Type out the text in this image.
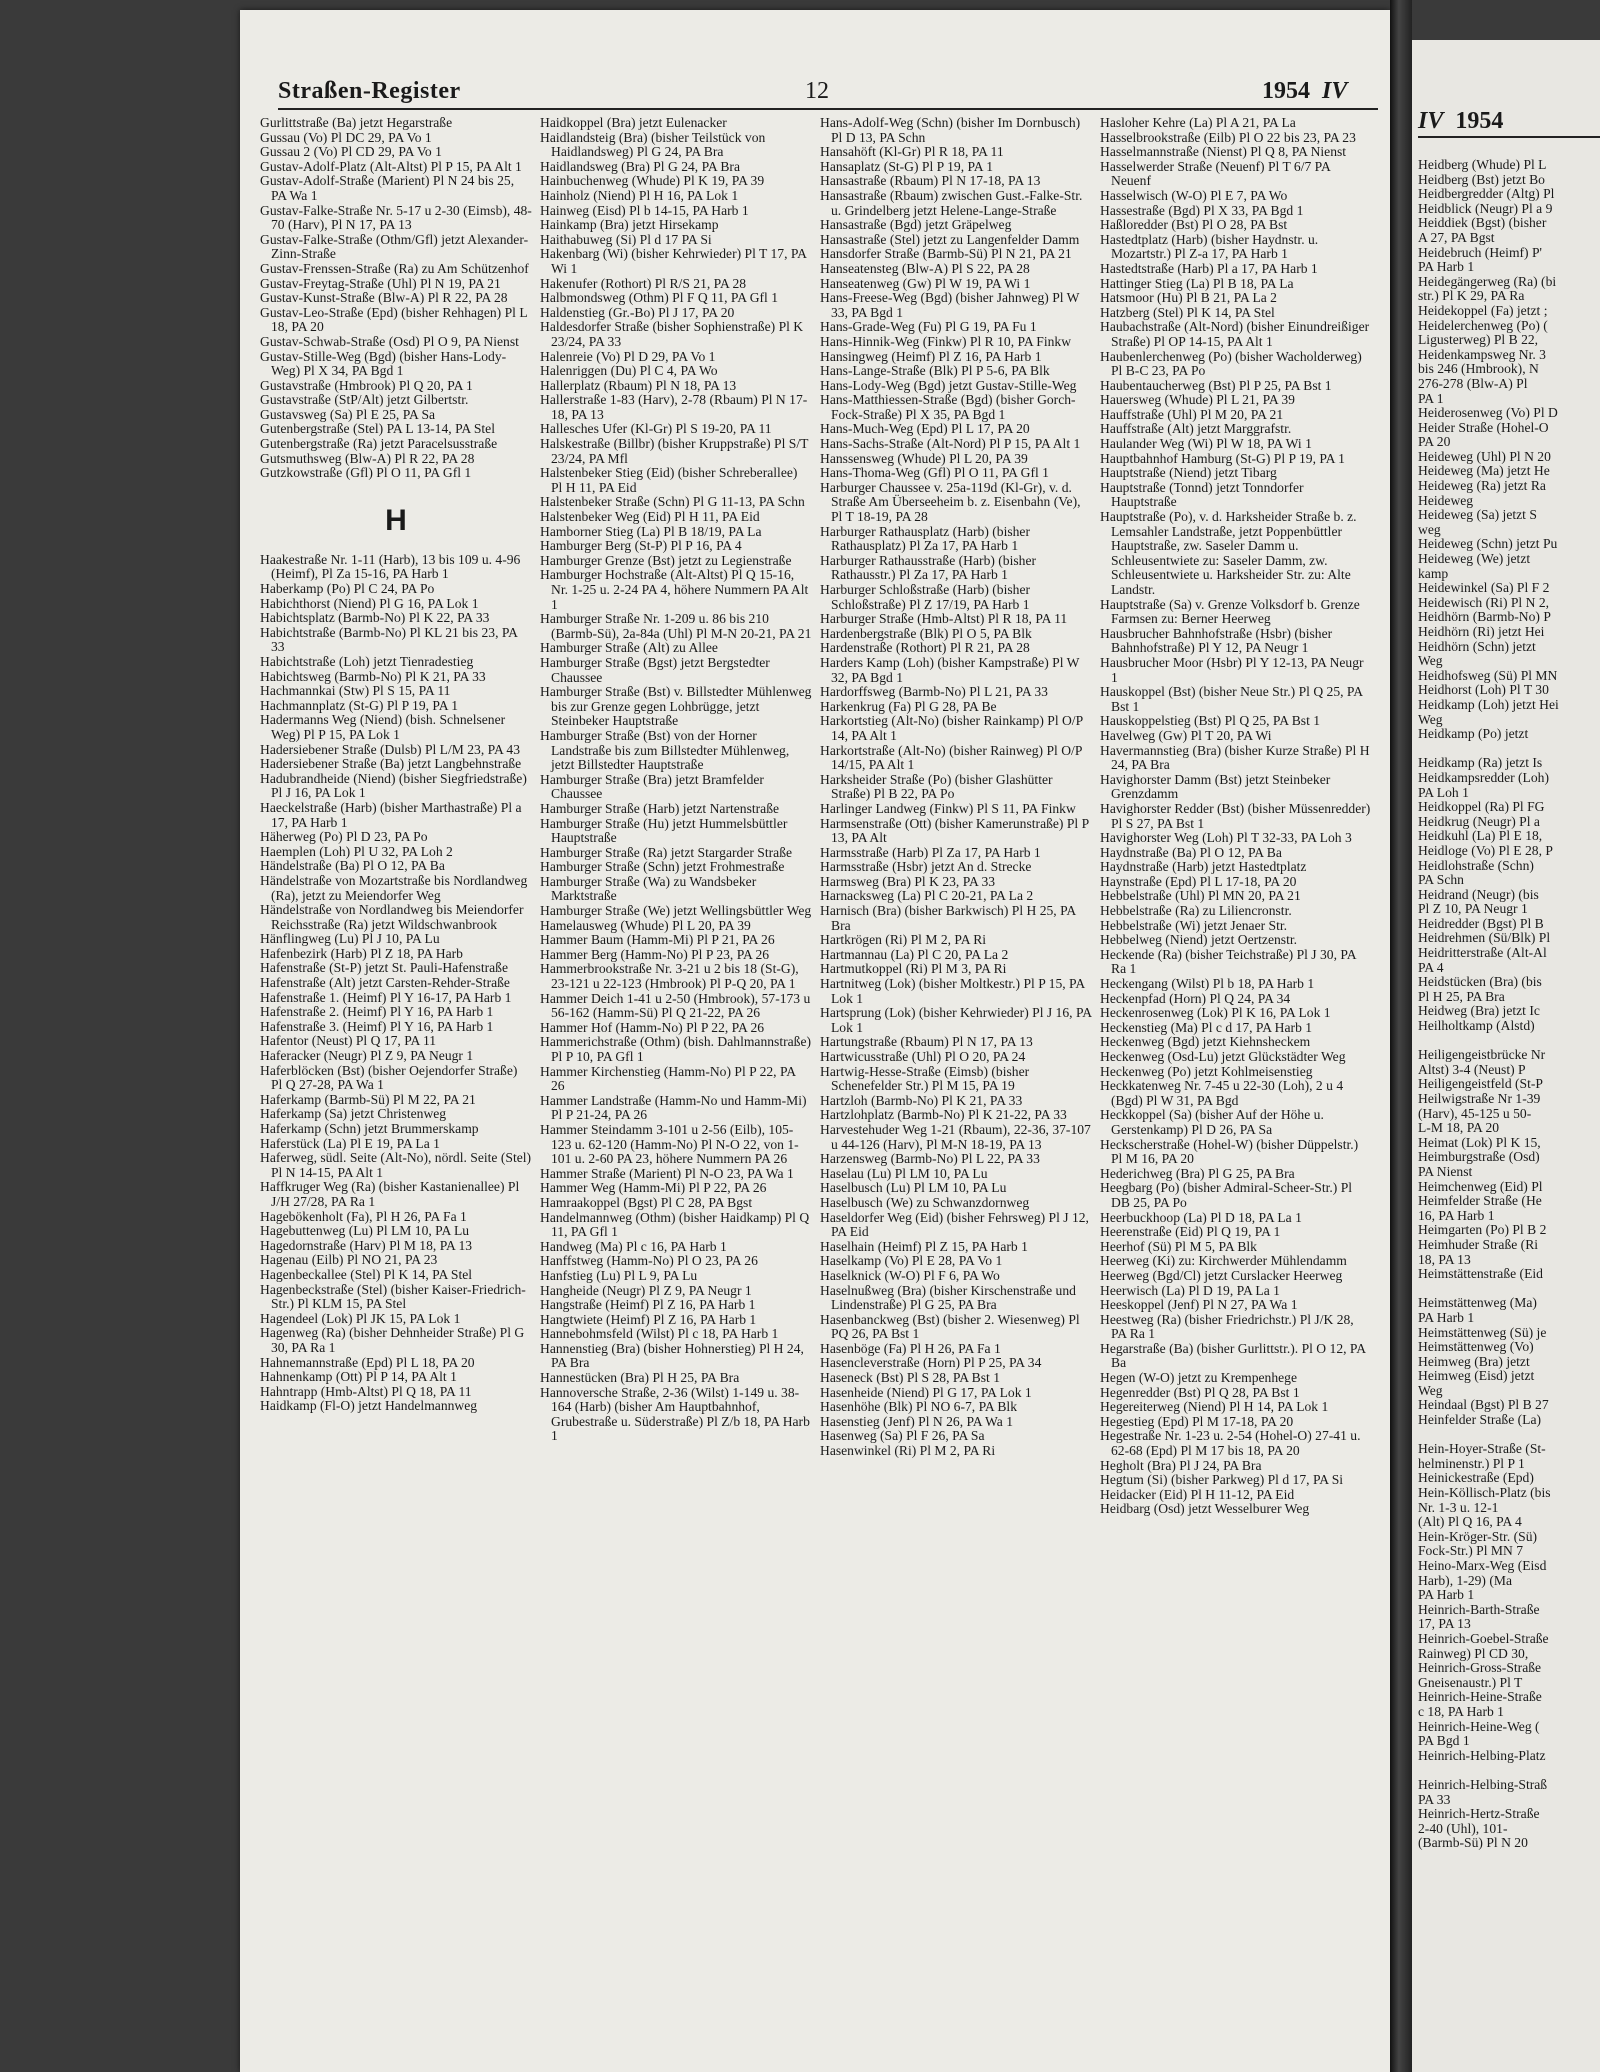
Straßen-Register	12	1954 IV

Gurlittstraße (Ba) jetzt Hegarstraße

Gussau (Vo) Pl DC 29, PA Vo 1

Gussau 2 (Vo) Pl CD 29, PA Vo 1

Gustav-Adolf-Platz (Alt-Altst) Pl P 15, PA Alt 1

Gustav-Adolf-Straße (Marient) Pl N 24 bis 25, PA Wa 1

Gustav-Falke-Straße Nr. 5-17 u 2-30 (Eimsb), 48-70 (Harv), Pl N 17, PA 13

Gustav-Falke-Straße (Othm/Gfl) jetzt Alexander-Zinn-Straße

Gustav-Frenssen-Straße (Ra) zu Am Schützenhof

Gustav-Freytag-Straße (Uhl) Pl N 19, PA 21

Gustav-Kunst-Straße (Blw-A) Pl R 22, PA 28

Gustav-Leo-Straße (Epd) (bisher Rehhagen) Pl L 18, PA 20

Gustav-Schwab-Straße (Osd) Pl O 9, PA Nienst

Gustav-Stille-Weg (Bgd) (bisher Hans-Lody-Weg) Pl X 34, PA Bgd 1

Gustavstraße (Hmbrook) Pl Q 20, PA 1

Gustavstraße (StP/Alt) jetzt Gilbertstr.

Gustavsweg (Sa) Pl E 25, PA Sa

Gutenbergstraße (Stel) PA L 13-14, PA Stel

Gutenbergstraße (Ra) jetzt Paracelsusstraße

Gutsmuthsweg (Blw-A) Pl R 22, PA 28

Gutzkowstraße (Gfl) Pl O 11, PA Gfl 1

H

Haakestraße Nr. 1-11 (Harb), 13 bis 109 u. 4-96 (Heimf), Pl Za 15-16, PA Harb 1

Haberkamp (Po) Pl C 24, PA Po

Habichthorst (Niend) Pl G 16, PA Lok 1

Habichtsplatz (Barmb-No) Pl K 22, PA 33

Habichtstraße (Barmb-No) Pl KL 21 bis 23, PA 33

Habichtstraße (Loh) jetzt Tienradestieg

Habichtsweg (Barmb-No) Pl K 21, PA 33

Hachmannkai (Stw) Pl S 15, PA 11

Hachmannplatz (St-G) Pl P 19, PA 1

Hadermanns Weg (Niend) (bish. Schnelsener Weg) Pl P 15, PA Lok 1

Hadersiebener Straße (Dulsb) Pl L/M 23, PA 43

Hadersiebener Straße (Ba) jetzt Langbehnstraße

Hadubrandheide (Niend) (bisher Siegfriedstraße) Pl J 16, PA Lok 1

Haeckelstraße (Harb) (bisher Marthastraße) Pl a 17, PA Harb 1

Häherweg (Po) Pl D 23, PA Po

Haemplen (Loh) Pl U 32, PA Loh 2

Händelstraße (Ba) Pl O 12, PA Ba

Händelstraße von Mozartstraße bis Nordlandweg (Ra), jetzt zu Meiendorfer Weg

Händelstraße von Nordlandweg bis Meiendorfer Reichsstraße (Ra) jetzt Wildschwanbrook

Hänflingweg (Lu) Pl J 10, PA Lu

Hafenbezirk (Harb) Pl Z 18, PA Harb

Hafenstraße (St-P) jetzt St. Pauli-Hafenstraße

Hafenstraße (Alt) jetzt Carsten-Rehder-Straße

Hafenstraße 1. (Heimf) Pl Y 16-17, PA Harb 1

Hafenstraße 2. (Heimf) Pl Y 16, PA Harb 1

Hafenstraße 3. (Heimf) Pl Y 16, PA Harb 1

Hafentor (Neust) Pl Q 17, PA 11

Haferacker (Neugr) Pl Z 9, PA Neugr 1

Haferblöcken (Bst) (bisher Oejendorfer Straße) Pl Q 27-28, PA Wa 1

Haferkamp (Barmb-Sü) Pl M 22, PA 21

Haferkamp (Sa) jetzt Christenweg

Haferkamp (Schn) jetzt Brummerskamp

Haferstück (La) Pl E 19, PA La 1

Haferweg, südl. Seite (Alt-No), nördl. Seite (Stel) Pl N 14-15, PA Alt 1

Haffkruger Weg (Ra) (bisher Kastanienallee) Pl J/H 27/28, PA Ra 1

Hagebökenholt (Fa), Pl H 26, PA Fa 1

Hagebuttenweg (Lu) Pl LM 10, PA Lu

Hagedornstraße (Harv) Pl M 18, PA 13

Hagenau (Eilb) Pl NO 21, PA 23

Hagenbeckallee (Stel) Pl K 14, PA Stel

Hagenbeckstraße (Stel) (bisher Kaiser-Friedrich-Str.) Pl KLM 15, PA Stel

Hagendeel (Lok) Pl JK 15, PA Lok 1

Hagenweg (Ra) (bisher Dehnheider Straße) Pl G 30, PA Ra 1

Hahnemannstraße (Epd) Pl L 18, PA 20

Hahnenkamp (Ott) Pl P 14, PA Alt 1

Hahntrapp (Hmb-Altst) Pl Q 18, PA 11

Haidkamp (Fl-O) jetzt Handelmannweg

Haidkoppel (Bra) jetzt Eulenacker

Haidlandsteig (Bra) (bisher Teilstück von Haidlandsweg) Pl G 24, PA Bra

Haidlandsweg (Bra) Pl G 24, PA Bra

Hainbuchenweg (Whude) Pl K 19, PA 39

Hainholz (Niend) Pl H 16, PA Lok 1

Hainweg (Eisd) Pl b 14-15, PA Harb 1

Hainkamp (Bra) jetzt Hirsekamp

Haithabuweg (Si) Pl d 17 PA Si

Hakenbarg (Wi) (bisher Kehrwieder) Pl T 17, PA Wi 1

Hakenufer (Rothort) Pl R/S 21, PA 28

Halbmondsweg (Othm) Pl F Q 11, PA Gfl 1

Haldenstieg (Gr.-Bo) Pl J 17, PA 20

Haldesdorfer Straße (bisher Sophienstraße) Pl K 23/24, PA 33

Halenreie (Vo) Pl D 29, PA Vo 1

Halenriggen (Du) Pl C 4, PA Wo

Hallerplatz (Rbaum) Pl N 18, PA 13

Hallerstraße 1-83 (Harv), 2-78 (Rbaum) Pl N 17-18, PA 13

Hallesches Ufer (Kl-Gr) Pl S 19-20, PA 11

Halskestraße (Billbr) (bisher Kruppstraße) Pl S/T 23/24, PA Mfl

Halstenbeker Stieg (Eid) (bisher Schreberallee) Pl H 11, PA Eid

Halstenbeker Straße (Schn) Pl G 11-13, PA Schn

Halstenbeker Weg (Eid) Pl H 11, PA Eid

Hamborner Stieg (La) Pl B 18/19, PA La

Hamburger Berg (St-P) Pl P 16, PA 4

Hamburger Grenze (Bst) jetzt zu Legienstraße

Hamburger Hochstraße (Alt-Altst) Pl Q 15-16, Nr. 1-25 u. 2-24 PA 4, höhere Nummern PA Alt 1

Hamburger Straße Nr. 1-209 u. 86 bis 210 (Barmb-Sü), 2a-84a (Uhl) Pl M-N 20-21, PA 21

Hamburger Straße (Alt) zu Allee

Hamburger Straße (Bgst) jetzt Bergstedter Chaussee

Hamburger Straße (Bst) v. Billstedter Mühlenweg bis zur Grenze gegen Lohbrügge, jetzt Steinbeker Hauptstraße

Hamburger Straße (Bst) von der Horner Landstraße bis zum Billstedter Mühlenweg, jetzt Billstedter Hauptstraße

Hamburger Straße (Bra) jetzt Bramfelder Chaussee

Hamburger Straße (Harb) jetzt Nartenstraße

Hamburger Straße (Hu) jetzt Hummelsbüttler Hauptstraße

Hamburger Straße (Ra) jetzt Stargarder Straße

Hamburger Straße (Schn) jetzt Frohmestraße

Hamburger Straße (Wa) zu Wandsbeker Marktstraße

Hamburger Straße (We) jetzt Wellingsbüttler Weg

Hamelausweg (Whude) Pl L 20, PA 39

Hammer Baum (Hamm-Mi) Pl P 21, PA 26

Hammer Berg (Hamm-No) Pl P 23, PA 26

Hammerbrookstraße Nr. 3-21 u 2 bis 18 (St-G), 23-121 u 22-123 (Hmbrook) Pl P-Q 20, PA 1

Hammer Deich 1-41 u 2-50 (Hmbrook), 57-173 u 56-162 (Hamm-Sü) Pl Q 21-22, PA 26

Hammer Hof (Hamm-No) Pl P 22, PA 26

Hammerichstraße (Othm) (bish. Dahlmannstraße) Pl P 10, PA Gfl 1

Hammer Kirchenstieg (Hamm-No) Pl P 22, PA 26

Hammer Landstraße (Hamm-No und Hamm-Mi) Pl P 21-24, PA 26

Hammer Steindamm 3-101 u 2-56 (Eilb), 105-123 u. 62-120 (Hamm-No) Pl N-O 22, von 1-101 u. 2-60 PA 23, höhere Nummern PA 26

Hammer Straße (Marient) Pl N-O 23, PA Wa 1

Hammer Weg (Hamm-Mi) Pl P 22, PA 26

Hamraakoppel (Bgst) Pl C 28, PA Bgst

Handelmannweg (Othm) (bisher Haidkamp) Pl Q 11, PA Gfl 1

Handweg (Ma) Pl c 16, PA Harb 1

Hanffstweg (Hamm-No) Pl O 23, PA 26

Hanfstieg (Lu) Pl L 9, PA Lu

Hangheide (Neugr) Pl Z 9, PA Neugr 1

Hangstraße (Heimf) Pl Z 16, PA Harb 1

Hangtwiete (Heimf) Pl Z 16, PA Harb 1

Hannebohmsfeld (Wilst) Pl c 18, PA Harb 1

Hannenstieg (Bra) (bisher Hohnerstieg) Pl H 24, PA Bra

Hannestücken (Bra) Pl H 25, PA Bra

Hannoversche Straße, 2-36 (Wilst) 1-149 u. 38-164 (Harb) (bisher Am Hauptbahnhof, Grubestraße u. Süderstraße) Pl Z/b 18, PA Harb 1

Hans-Adolf-Weg (Schn) (bisher Im Dornbusch) Pl D 13, PA Schn

Hansahöft (Kl-Gr) Pl R 18, PA 11

Hansaplatz (St-G) Pl P 19, PA 1

Hansastraße (Rbaum) Pl N 17-18, PA 13

Hansastraße (Rbaum) zwischen Gust.-Falke-Str. u. Grindelberg jetzt Helene-Lange-Straße

Hansastraße (Bgd) jetzt Gräpelweg

Hansastraße (Stel) jetzt zu Langenfelder Damm

Hansdorfer Straße (Barmb-Sü) Pl N 21, PA 21

Hanseatensteg (Blw-A) Pl S 22, PA 28

Hanseatenweg (Gw) Pl W 19, PA Wi 1

Hans-Freese-Weg (Bgd) (bisher Jahnweg) Pl W 33, PA Bgd 1

Hans-Grade-Weg (Fu) Pl G 19, PA Fu 1

Hans-Hinnik-Weg (Finkw) Pl R 10, PA Finkw

Hansingweg (Heimf) Pl Z 16, PA Harb 1

Hans-Lange-Straße (Blk) Pl P 5-6, PA Blk

Hans-Lody-Weg (Bgd) jetzt Gustav-Stille-Weg

Hans-Matthiessen-Straße (Bgd) (bisher Gorch-Fock-Straße) Pl X 35, PA Bgd 1

Hans-Much-Weg (Epd) Pl L 17, PA 20

Hans-Sachs-Straße (Alt-Nord) Pl P 15, PA Alt 1

Hanssensweg (Whude) Pl L 20, PA 39

Hans-Thoma-Weg (Gfl) Pl O 11, PA Gfl 1

Harburger Chaussee v. 25a-119d (Kl-Gr), v. d. Straße Am Überseeheim b. z. Eisenbahn (Ve), Pl T 18-19, PA 28

Harburger Rathausplatz (Harb) (bisher Rathausplatz) Pl Za 17, PA Harb 1

Harburger Rathausstraße (Harb) (bisher Rathausstr.) Pl Za 17, PA Harb 1

Harburger Schloßstraße (Harb) (bisher Schloßstraße) Pl Z 17/19, PA Harb 1

Harburger Straße (Hmb-Altst) Pl R 18, PA 11

Hardenbergstraße (Blk) Pl O 5, PA Blk

Hardenstraße (Rothort) Pl R 21, PA 28

Harders Kamp (Loh) (bisher Kampstraße) Pl W 32, PA Bgd 1

Hardorffsweg (Barmb-No) Pl L 21, PA 33

Harkenkrug (Fa) Pl G 28, PA Be

Harkortstieg (Alt-No) (bisher Rainkamp) Pl O/P 14, PA Alt 1

Harkortstraße (Alt-No) (bisher Rainweg) Pl O/P 14/15, PA Alt 1

Harksheider Straße (Po) (bisher Glashütter Straße) Pl B 22, PA Po

Harlinger Landweg (Finkw) Pl S 11, PA Finkw

Harmsenstraße (Ott) (bisher Kamerunstraße) Pl P 13, PA Alt

Harmsstraße (Harb) Pl Za 17, PA Harb 1

Harmsstraße (Hsbr) jetzt An d. Strecke

Harmsweg (Bra) Pl K 23, PA 33

Harnacksweg (La) Pl C 20-21, PA La 2

Harnisch (Bra) (bisher Barkwisch) Pl H 25, PA Bra

Hartkrögen (Ri) Pl M 2, PA Ri

Hartmannau (La) Pl C 20, PA La 2

Hartmutkoppel (Ri) Pl M 3, PA Ri

Hartnitweg (Lok) (bisher Moltkestr.) Pl P 15, PA Lok 1

Hartsprung (Lok) (bisher Kehrwieder) Pl J 16, PA Lok 1

Hartungstraße (Rbaum) Pl N 17, PA 13

Hartwicusstraße (Uhl) Pl O 20, PA 24

Hartwig-Hesse-Straße (Eimsb) (bisher Schenefelder Str.) Pl M 15, PA 19

Hartzloh (Barmb-No) Pl K 21, PA 33

Hartzlohplatz (Barmb-No) Pl K 21-22, PA 33

Harvestehuder Weg 1-21 (Rbaum), 22-36, 37-107 u 44-126 (Harv), Pl M-N 18-19, PA 13

Harzensweg (Barmb-No) Pl L 22, PA 33

Haselau (Lu) Pl LM 10, PA Lu

Haselbusch (Lu) Pl LM 10, PA Lu

Haselbusch (We) zu Schwanzdornweg

Haseldorfer Weg (Eid) (bisher Fehrsweg) Pl J 12, PA Eid

Haselhain (Heimf) Pl Z 15, PA Harb 1

Haselkamp (Vo) Pl E 28, PA Vo 1

Haselknick (W-O) Pl F 6, PA Wo

Haselnußweg (Bra) (bisher Kirschenstraße und Lindenstraße) Pl G 25, PA Bra

Hasenbanckweg (Bst) (bisher 2. Wiesenweg) Pl PQ 26, PA Bst 1

Hasenböge (Fa) Pl H 26, PA Fa 1

Hasencleverstraße (Horn) Pl P 25, PA 34

Haseneck (Bst) Pl S 28, PA Bst 1

Hasenheide (Niend) Pl G 17, PA Lok 1

Hasenhöhe (Blk) Pl NO 6-7, PA Blk

Hasenstieg (Jenf) Pl N 26, PA Wa 1

Hasenweg (Sa) Pl F 26, PA Sa

Hasenwinkel (Ri) Pl M 2, PA Ri

Hasloher Kehre (La) Pl A 21, PA La

Hasselbrookstraße (Eilb) Pl O 22 bis 23, PA 23

Hasselmannstraße (Nienst) Pl Q 8, PA Nienst

Hasselwerder Straße (Neuenf) Pl T 6/7 PA Neuenf

Hasselwisch (W-O) Pl E 7, PA Wo

Hassestraße (Bgd) Pl X 33, PA Bgd 1

Haßloredder (Bst) Pl O 28, PA Bst

Hastedtplatz (Harb) (bisher Haydnstr. u. Mozartstr.) Pl Z-a 17, PA Harb 1

Hastedtstraße (Harb) Pl a 17, PA Harb 1

Hattinger Stieg (La) Pl B 18, PA La

Hatsmoor (Hu) Pl B 21, PA La 2

Hatzberg (Stel) Pl K 14, PA Stel

Haubachstraße (Alt-Nord) (bisher Einundreißiger Straße) Pl OP 14-15, PA Alt 1

Haubenlerchenweg (Po) (bisher Wacholderweg) Pl B-C 23, PA Po

Haubentaucherweg (Bst) Pl P 25, PA Bst 1

Hauersweg (Whude) Pl L 21, PA 39

Hauffstraße (Uhl) Pl M 20, PA 21

Hauffstraße (Alt) jetzt Marggrafstr.

Haulander Weg (Wi) Pl W 18, PA Wi 1

Hauptbahnhof Hamburg (St-G) Pl P 19, PA 1

Hauptstraße (Niend) jetzt Tibarg

Hauptstraße (Tonnd) jetzt Tonndorfer Hauptstraße

Hauptstraße (Po), v. d. Harksheider Straße b. z. Lemsahler Landstraße, jetzt Poppenbüttler Hauptstraße, zw. Saseler Damm u. Schleusentwiete zu: Saseler Damm, zw. Schleusentwiete u. Harksheider Str. zu: Alte Landstr.

Hauptstraße (Sa) v. Grenze Volksdorf b. Grenze Farmsen zu: Berner Heerweg

Hausbrucher Bahnhofstraße (Hsbr) (bisher Bahnhofstraße) Pl Y 12, PA Neugr 1

Hausbrucher Moor (Hsbr) Pl Y 12-13, PA Neugr 1

Hauskoppel (Bst) (bisher Neue Str.) Pl Q 25, PA Bst 1

Hauskoppelstieg (Bst) Pl Q 25, PA Bst 1

Havelweg (Gw) Pl T 20, PA Wi

Havermannstieg (Bra) (bisher Kurze Straße) Pl H 24, PA Bra

Havighorster Damm (Bst) jetzt Steinbeker Grenzdamm

Havighorster Redder (Bst) (bisher Müssenredder) Pl S 27, PA Bst 1

Havighorster Weg (Loh) Pl T 32-33, PA Loh 3

Haydnstraße (Ba) Pl O 12, PA Ba

Haydnstraße (Harb) jetzt Hastedtplatz

Haynstraße (Epd) Pl L 17-18, PA 20

Hebbelstraße (Uhl) Pl MN 20, PA 21

Hebbelstraße (Ra) zu Liliencronstr.

Hebbelstraße (Wi) jetzt Jenaer Str.

Hebbelweg (Niend) jetzt Oertzenstr.

Heckende (Ra) (bisher Teichstraße) Pl J 30, PA Ra 1

Heckengang (Wilst) Pl b 18, PA Harb 1

Heckenpfad (Horn) Pl Q 24, PA 34

Heckenrosenweg (Lok) Pl K 16, PA Lok 1

Heckenstieg (Ma) Pl c d 17, PA Harb 1

Heckenweg (Bgd) jetzt Kiehnsheckem

Heckenweg (Osd-Lu) jetzt Glückstädter Weg

Heckenweg (Po) jetzt Kohlmeisenstieg

Heckkatenweg Nr. 7-45 u 22-30 (Loh), 2 u 4 (Bgd) Pl W 31, PA Bgd

Heckkoppel (Sa) (bisher Auf der Höhe u. Gerstenkamp) Pl D 26, PA Sa

Heckscherstraße (Hohel-W) (bisher Düppelstr.) Pl M 16, PA 20

Hederichweg (Bra) Pl G 25, PA Bra

Heegbarg (Po) (bisher Admiral-Scheer-Str.) Pl DB 25, PA Po

Heerbuckhoop (La) Pl D 18, PA La 1

Heerenstraße (Eid) Pl Q 19, PA 1

Heerhof (Sü) Pl M 5, PA Blk

Heerweg (Ki) zu: Kirchwerder Mühlendamm

Heerweg (Bgd/Cl) jetzt Curslacker Heerweg

Heerwisch (La) Pl D 19, PA La 1

Heeskoppel (Jenf) Pl N 27, PA Wa 1

Heestweg (Ra) (bisher Friedrichstr.) Pl J/K 28, PA Ra 1

Hegarstraße (Ba) (bisher Gurlittstr.). Pl O 12, PA Ba

Hegen (W-O) jetzt zu Krempenhege

Hegenredder (Bst) Pl Q 28, PA Bst 1

Hegereiterweg (Niend) Pl H 14, PA Lok 1

Hegestieg (Epd) Pl M 17-18, PA 20

Hegestraße Nr. 1-23 u. 2-54 (Hohel-O) 27-41 u. 62-68 (Epd) Pl M 17 bis 18, PA 20

Hegholt (Bra) Pl J 24, PA Bra

Hegtum (Si) (bisher Parkweg) Pl d 17, PA Si

Heidacker (Eid) Pl H 11-12, PA Eid

Heidbarg (Osd) jetzt Wesselburer Weg

IV 1954

Heidberg (Whude) Pl L

Heidberg (Bst) jetzt Bo

Heidbergredder (Altg) Pl

Heidblick (Neugr) Pl a 9

Heiddiek (Bgst) (bisher

A 27, PA Bgst

Heidebruch (Heimf) P'

PA Harb 1

Heidegängerweg (Ra) (bi

str.) Pl K 29, PA Ra

Heidekoppel (Fa) jetzt ;

Heidelerchenweg (Po) (

Ligusterweg) Pl B 22,

Heidenkampsweg Nr. 3

bis 246 (Hmbrook), N

276-278 (Blw-A) Pl

PA 1

Heiderosenweg (Vo) Pl D

Heider Straße (Hohel-O

PA 20

Heideweg (Uhl) Pl N 20

Heideweg (Ma) jetzt He

Heideweg (Ra) jetzt Ra

Heideweg

Heideweg (Sa) jetzt S

weg

Heideweg (Schn) jetzt Pu

Heideweg (We) jetzt

kamp

Heidewinkel (Sa) Pl F 2

Heidewisch (Ri) Pl N 2,

Heidhörn (Barmb-No) P

Heidhörn (Ri) jetzt Hei

Heidhörn (Schn) jetzt

Weg

Heidhofsweg (Sü) Pl MN

Heidhorst (Loh) Pl T 30

Heidkamp (Loh) jetzt Hei

Weg

Heidkamp (Po) jetzt

Heidkamp (Ra) jetzt Is

Heidkampsredder (Loh)

PA Loh 1

Heidkoppel (Ra) Pl FG

Heidkrug (Neugr) Pl a

Heidkuhl (La) Pl E 18,

Heidloge (Vo) Pl E 28, P

Heidlohstraße (Schn)

PA Schn

Heidrand (Neugr) (bis

Pl Z 10, PA Neugr 1

Heidredder (Bgst) Pl B

Heidrehmen (Sü/Blk) Pl

Heidritterstraße (Alt-Al

PA 4

Heidstücken (Bra) (bis

Pl H 25, PA Bra

Heidweg (Bra) jetzt Ic

Heilholtkamp (Alstd)

Heiligengeistbrücke Nr

Altst) 3-4 (Neust) P

Heiligengeistfeld (St-P

Heilwigstraße Nr 1-39

(Harv), 45-125 u 50-

L-M 18, PA 20

Heimat (Lok) Pl K 15,

Heimburgstraße (Osd)

PA Nienst

Heimchenweg (Eid) Pl

Heimfelder Straße (He

16, PA Harb 1

Heimgarten (Po) Pl B 2

Heimhuder Straße (Ri

18, PA 13

Heimstättenstraße (Eid

Heimstättenweg (Ma)

PA Harb 1

Heimstättenweg (Sü) je

Heimstättenweg (Vo)

Heimweg (Bra) jetzt

Heimweg (Eisd) jetzt

Weg

Heindaal (Bgst) Pl B 27

Heinfelder Straße (La)

Hein-Hoyer-Straße (St-

helminenstr.) Pl P 1

Heinickestraße (Epd)

Hein-Köllisch-Platz (bis

Nr. 1-3 u. 12-1

(Alt) Pl Q 16, PA 4

Hein-Kröger-Str. (Sü)

Fock-Str.) Pl MN 7

Heino-Marx-Weg (Eisd

Harb), 1-29) (Ma

PA Harb 1

Heinrich-Barth-Straße

17, PA 13

Heinrich-Goebel-Straße

Rainweg) Pl CD 30,

Heinrich-Gross-Straße

Gneisenaustr.) Pl T

Heinrich-Heine-Straße

c 18, PA Harb 1

Heinrich-Heine-Weg (

PA Bgd 1

Heinrich-Helbing-Platz

Heinrich-Helbing-Straß

PA 33

Heinrich-Hertz-Straße

2-40 (Uhl), 101-

(Barmb-Sü) Pl N 20
